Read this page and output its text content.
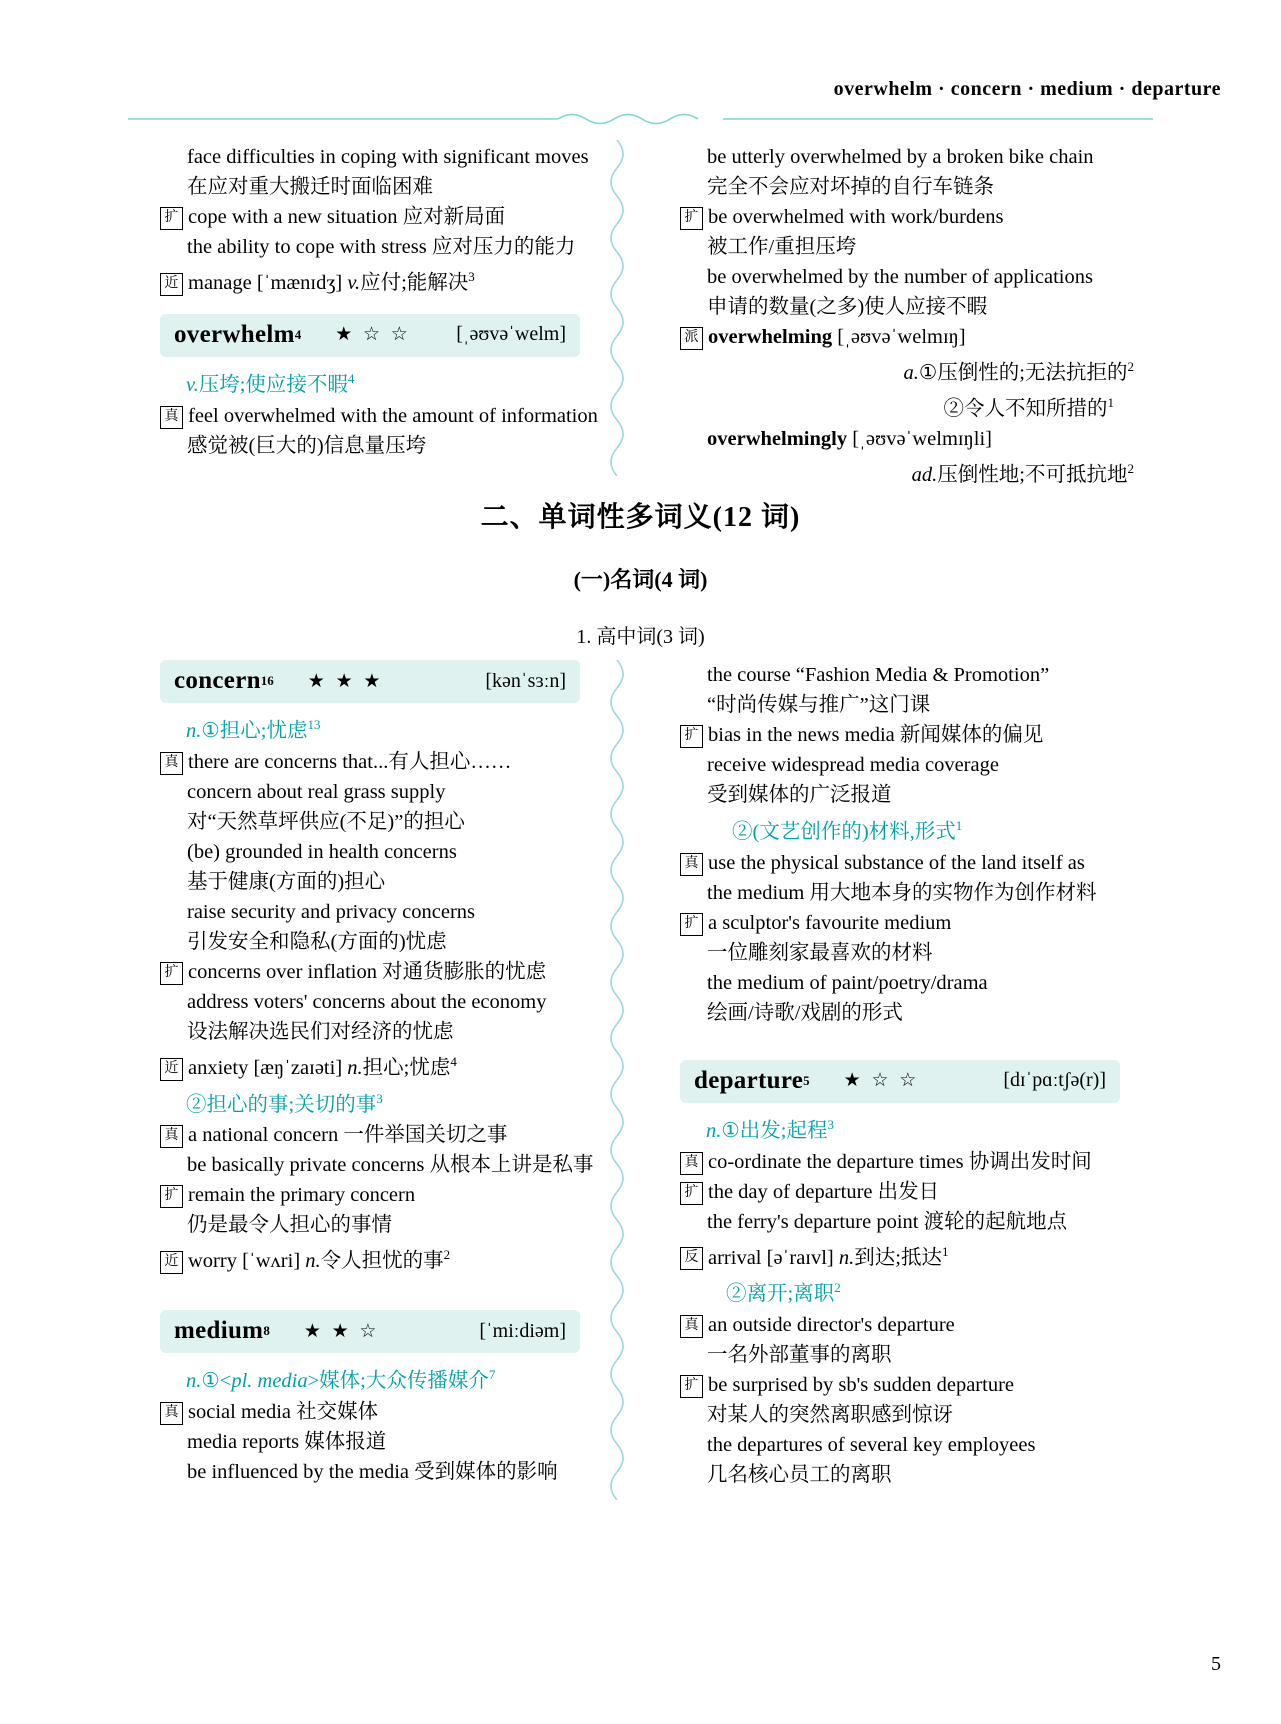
overwhelm · concern · medium · departure
face difficulties in coping with significant moves
在应对重大搬迁时面临困难
扩 cope with a new situation 应对新局面
the ability to cope with stress 应对压力的能力
近 manage [ˈmænɪdʒ] v.应付;能解决$^3$
overwhelm 4 ★ ☆ ☆ [ˌəʊvəˈwelm]
v.压垮;使应接不暇$^4$
真 feel overwhelmed with the amount of information
感觉被(巨大的)信息量压垮
be utterly overwhelmed by a broken bike chain
完全不会应对坏掉的自行车链条
扩 be overwhelmed with work/burdens
被工作/重担压垮
be overwhelmed by the number of applications
申请的数量(之多)使人应接不暇
派 overwhelming [ˌəʊvəˈwelmɪŋ]
a.①压倒性的;无法抗拒的$^2$
②令人不知所措的$^1$
overwhelmingly [ˌəʊvəˈwelmɪŋli]
ad.压倒性地;不可抵抗地$^2$
二、单词性多词义(12 词)
(一)名词(4 词)
1. 高中词(3 词)
concern 16 ★ ★ ★	[kənˈsɜːn]
n.①担心;忧虑$^{13}$
真 there are concerns that...有人担心……
concern about real grass supply
对“天然草坪供应(不足)”的担心
(be) grounded in health concerns
基于健康(方面的)担心
raise security and privacy concerns
引发安全和隐私(方面的)忧虑
扩 concerns over inflation 对通货膨胀的忧虑
address voters' concerns about the economy
设法解决选民们对经济的忧虑
近 anxiety [æŋˈzaɪəti] n.担心;忧虑$^4$
②担心的事;关切的事$^3$
真 a national concern 一件举国关切之事
be basically private concerns 从根本上讲是私事
扩 remain the primary concern
仍是最令人担心的事情
近 worry [ˈwʌri] n.令人担忧的事$^2$
medium 8 ★ ★ ☆	[ˈmiːdiəm]
n.①<pl. media>媒体;大众传播媒介$^7$
真 social media 社交媒体
media reports 媒体报道
be influenced by the media 受到媒体的影响
the course “Fashion Media & Promotion”
“时尚传媒与推广”这门课
扩 bias in the news media 新闻媒体的偏见
receive widespread media coverage
受到媒体的广泛报道
②(文艺创作的)材料,形式$^1$
真 use the physical substance of the land itself as
the medium 用大地本身的实物作为创作材料
扩 a sculptor's favourite medium
一位雕刻家最喜欢的材料
the medium of paint/poetry/drama
绘画/诗歌/戏剧的形式
departure 5 ★ ☆ ☆	[dɪˈpɑːtʃə(r)]
n.①出发;起程$^3$
真 co-ordinate the departure times 协调出发时间
扩 the day of departure 出发日
the ferry's departure point 渡轮的起航地点
反 arrival [əˈraɪvl] n.到达;抵达$^1$
②离开;离职$^2$
真 an outside director's departure
一名外部董事的离职
扩 be surprised by sb's sudden departure
对某人的突然离职感到惊讶
the departures of several key employees
几名核心员工的离职
5
